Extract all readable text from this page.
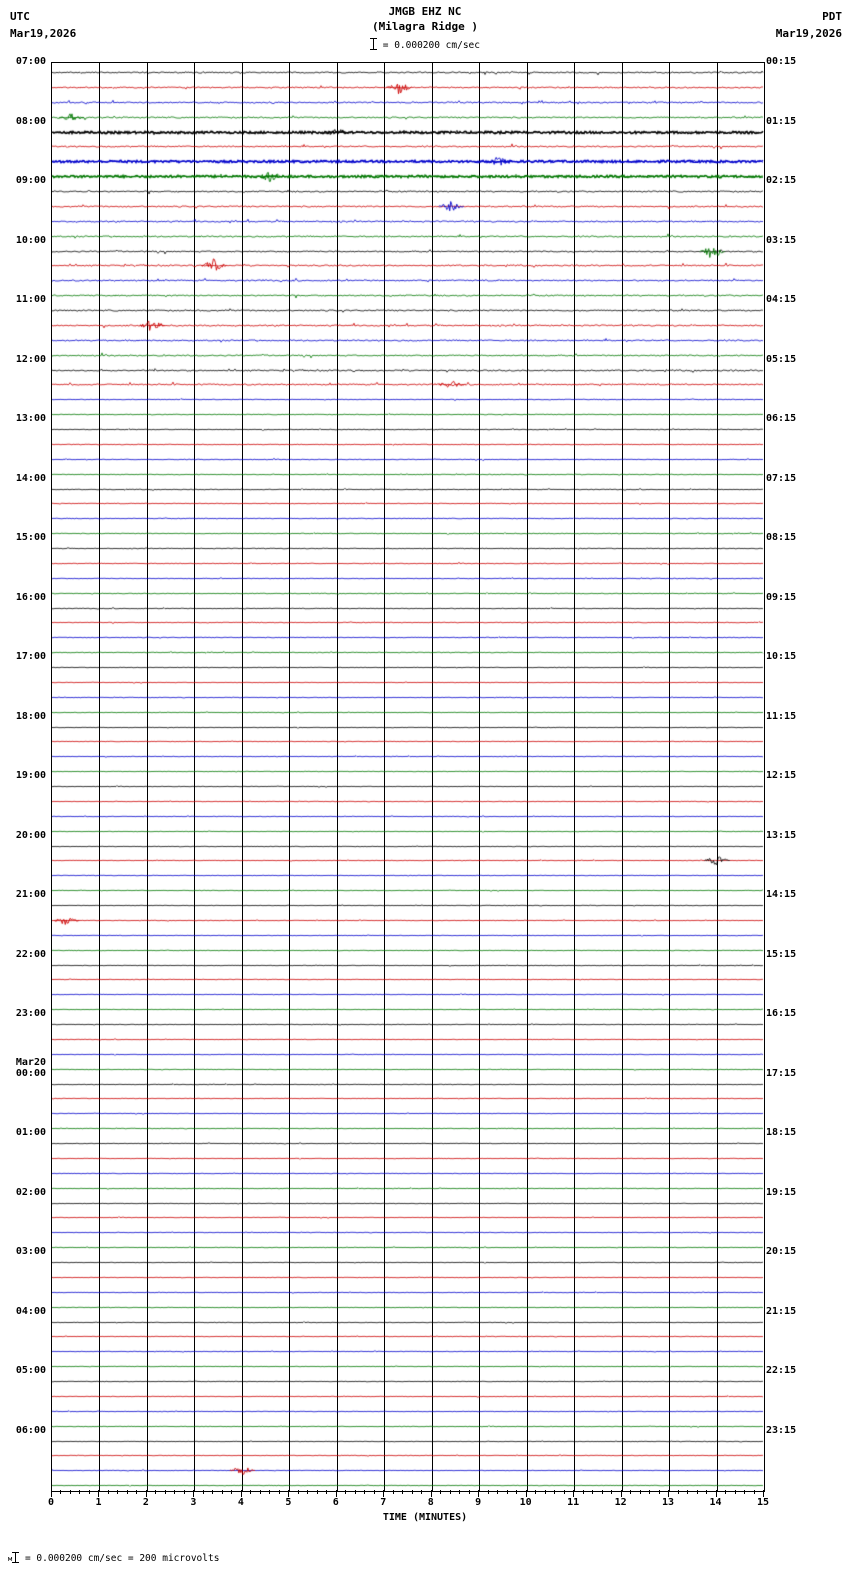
UTC
Mar19,2026
JMGB EHZ NC
(Milagra Ridge )
PDT
Mar19,2026
= 0.000200 cm/sec
07:00
08:00
09:00
10:00
11:00
12:00
13:00
14:00
15:00
16:00
17:00
18:00
19:00
20:00
21:00
22:00
23:00
Mar20
00:00
01:00
02:00
03:00
04:00
05:00
06:00
00:15
01:15
02:15
03:15
04:15
05:15
06:15
07:15
08:15
09:15
10:15
11:15
12:15
13:15
14:15
15:15
16:15
17:15
18:15
19:15
20:15
21:15
22:15
23:15
0	1	2	3	4	5	6	7	8	9	10	11	12	13	14	15
TIME (MINUTES)
м = 0.000200 cm/sec = 200 microvolts
